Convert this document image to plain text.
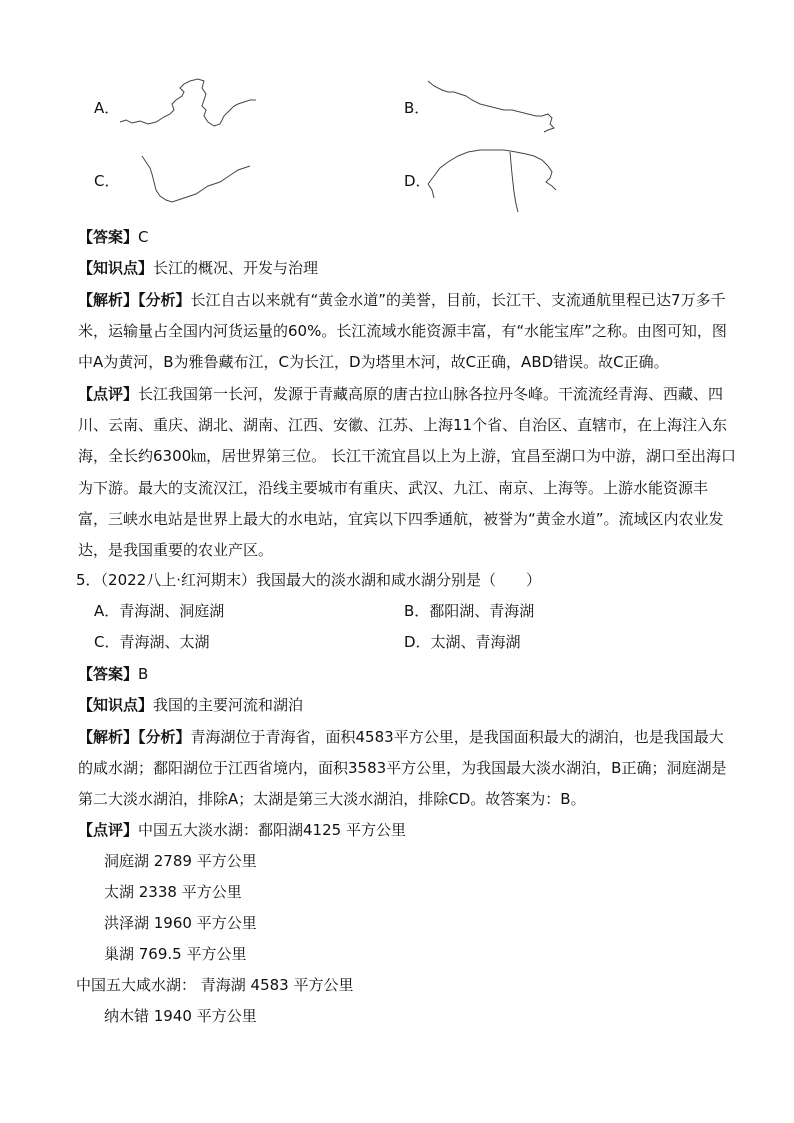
A．	B．
C．	D．
【答案】C
【知识点】长江的概况、开发与治理
【解析】【分析】长江自古以来就有“黄金水道”的美誉，目前，长江干、支流通航里程已达7万多千
米，运输量占全国内河货运量的60%。长江流域水能资源丰富，有“水能宝库”之称。由图可知，图
中A为黄河，B为雅鲁藏布江，C为长江，D为塔里木河，故C正确，ABD错误。故C正确。
【点评】长江我国第一长河，发源于青藏高原的唐古拉山脉各拉丹冬峰。干流流经青海、西藏、四
川、云南、重庆、湖北、湖南、江西、安徽、江苏、上海11个省、自治区、直辖市，在上海注入东
海，全长约6300㎞，居世界第三位。 长江干流宜昌以上为上游，宜昌至湖口为中游，湖口至出海口
为下游。最大的支流汉江，沿线主要城市有重庆、武汉、九江、南京、上海等。上游水能资源丰
富，三峡水电站是世界上最大的水电站，宜宾以下四季通航，被誉为“黄金水道”。流域区内农业发
达，是我国重要的农业产区。
5．（2022八上·红河期末）我国最大的淡水湖和咸水湖分别是（　　）
A．青海湖、洞庭湖	B．鄱阳湖、青海湖
C．青海湖、太湖	D．太湖、青海湖
【答案】B
【知识点】我国的主要河流和湖泊
【解析】【分析】青海湖位于青海省，面积4583平方公里，是我国面积最大的湖泊，也是我国最大
的咸水湖；鄱阳湖位于江西省境内，面积3583平方公里，为我国最大淡水湖泊，B正确；洞庭湖是
第二大淡水湖泊，排除A；太湖是第三大淡水湖泊，排除CD。故答案为：B。
【点评】中国五大淡水湖：鄱阳湖4125 平方公里
洞庭湖 2789 平方公里
太湖 2338 平方公里
洪泽湖 1960 平方公里
巢湖 769.5 平方公里
中国五大咸水湖： 青海湖 4583 平方公里
纳木错 1940 平方公里
